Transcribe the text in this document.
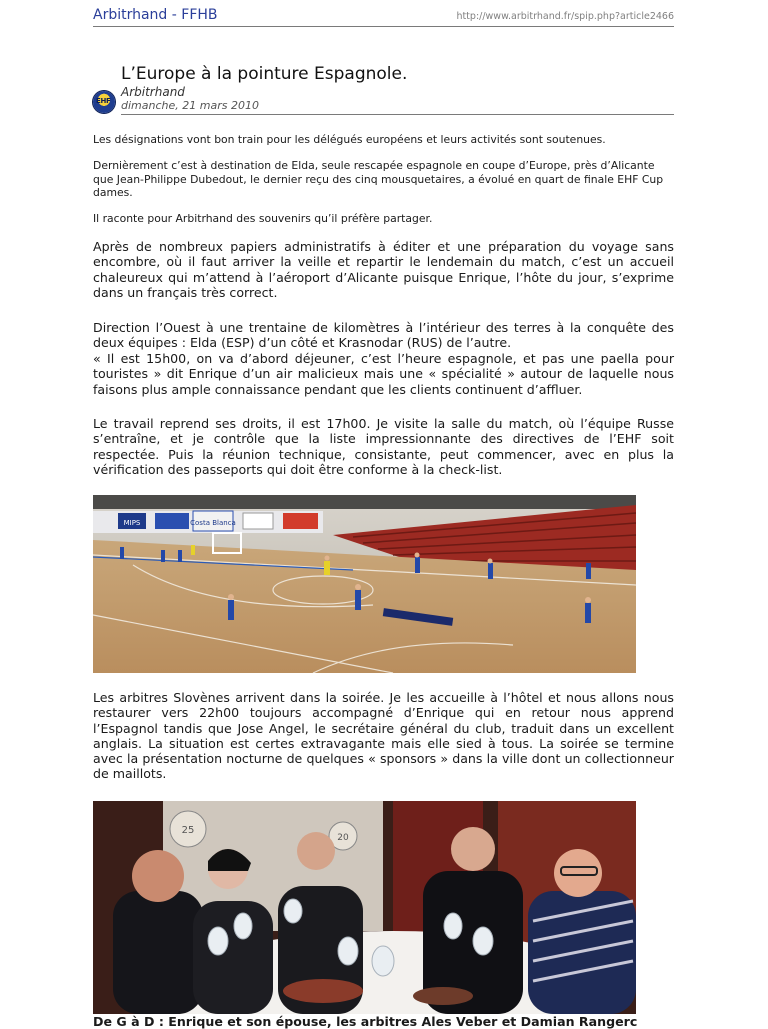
Arbitrhand - FFHB	http://www.arbitrhand.fr/spip.php?article2466
L’Europe à la pointure Espagnole.
EHF
Arbitrhand
dimanche, 21 mars 2010

Les désignations vont bon train pour les délégués européens et leurs activités sont soutenues.

Dernièrement c’est à destination de Elda, seule rescapée espagnole en coupe d’Europe, près d’Alicante que Jean-Philippe Dubedout, le dernier reçu des cinq mousquetaires, a évolué en quart de finale EHF Cup dames.

Il raconte pour Arbitrhand des souvenirs qu’il préfère partager.

Après de nombreux papiers administratifs à éditer et une préparation du voyage sans encombre, où il faut arriver la veille et repartir le lendemain du match, c’est un accueil chaleureux qui m’attend à l’aéroport d’Alicante puisque Enrique, l’hôte du jour, s’exprime dans un français très correct.

Direction l’Ouest à une trentaine de kilomètres à l’intérieur des terres à la conquête des deux équipes : Elda (ESP) d’un côté et Krasnodar (RUS) de l’autre.

« Il est 15h00, on va d’abord déjeuner, c’est l’heure espagnole, et pas une paella pour touristes » dit Enrique d’un air malicieux mais une « spécialité » autour de laquelle nous faisons plus ample connaissance pendant que les clients continuent d’affluer.

Le travail reprend ses droits, il est 17h00. Je visite la salle du match, où l’équipe Russe s’entraîne, et je contrôle que la liste impressionnante des directives de l’EHF soit respectée. Puis la réunion technique, consistante, peut commencer, avec en plus la vérification des passeports qui doit être conforme à la check-list.

Costa Blanca
MIPS

Les arbitres Slovènes arrivent dans la soirée. Je les accueille à l’hôtel et nous allons nous restaurer vers 22h00 toujours accompagné d’Enrique qui en retour nous apprend l’Espagnol tandis que Jose Angel, le secrétaire général du club, traduit dans un excellent anglais. La situation est certes extravagante mais elle sied à tous. La soirée se termine avec la présentation nocturne de quelques « sponsors » dans la ville dont un collectionneur de maillots.

25
20
De G à D : Enrique et son épouse, les arbitres Ales Veber et Damian Rangerc
